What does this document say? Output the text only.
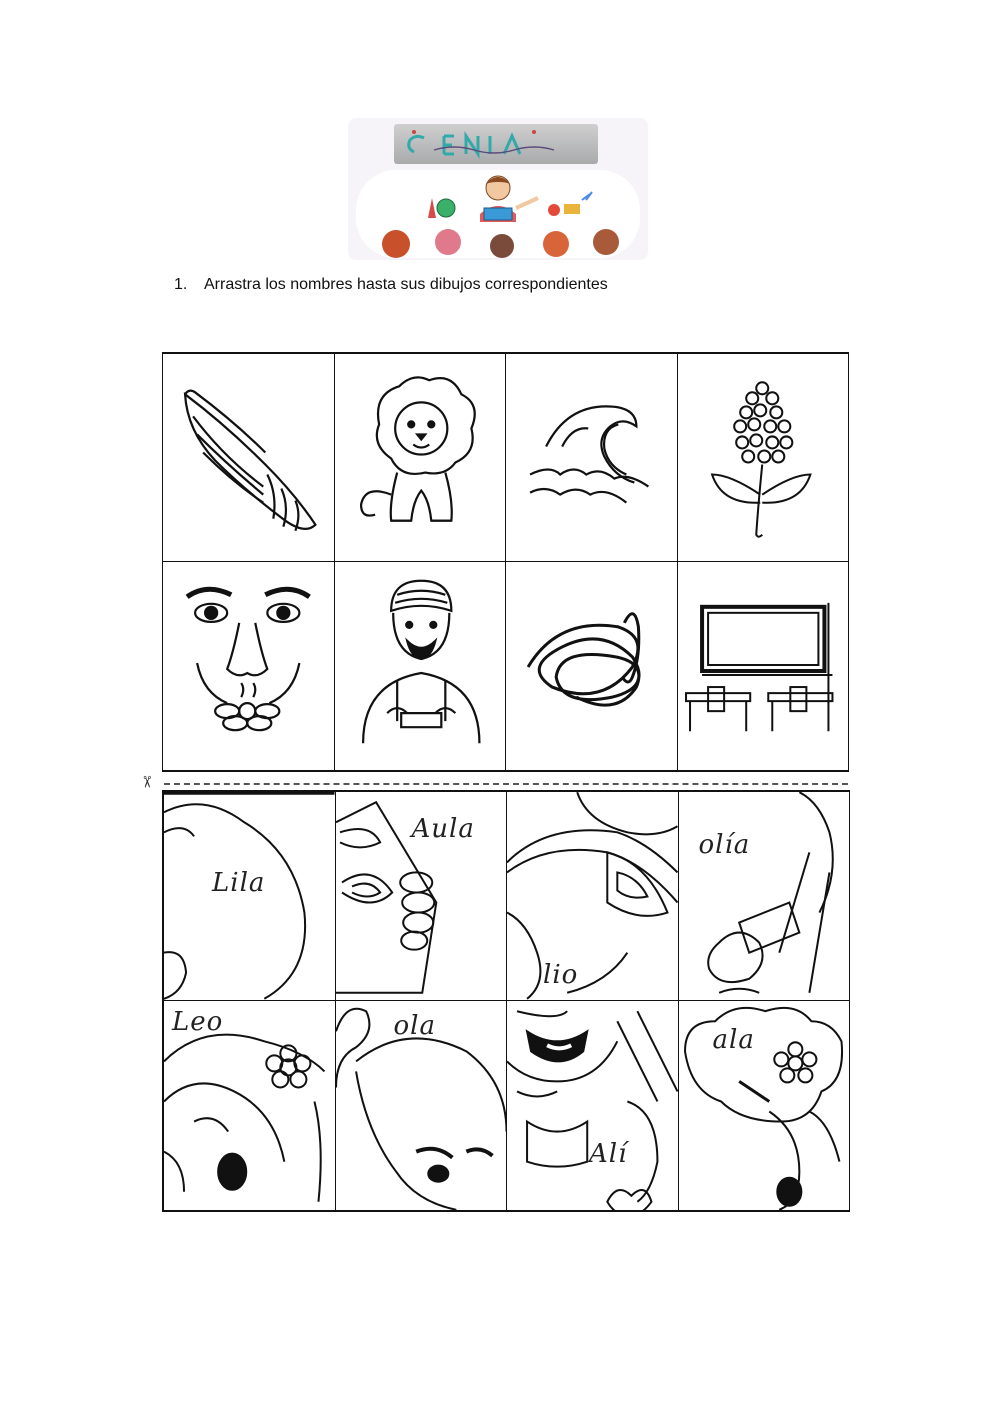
1. Arrastra los nombres hasta sus dibujos correspondientes
✂
Lila
Aula
lio
olía
Leo	ola
Alí
ala
